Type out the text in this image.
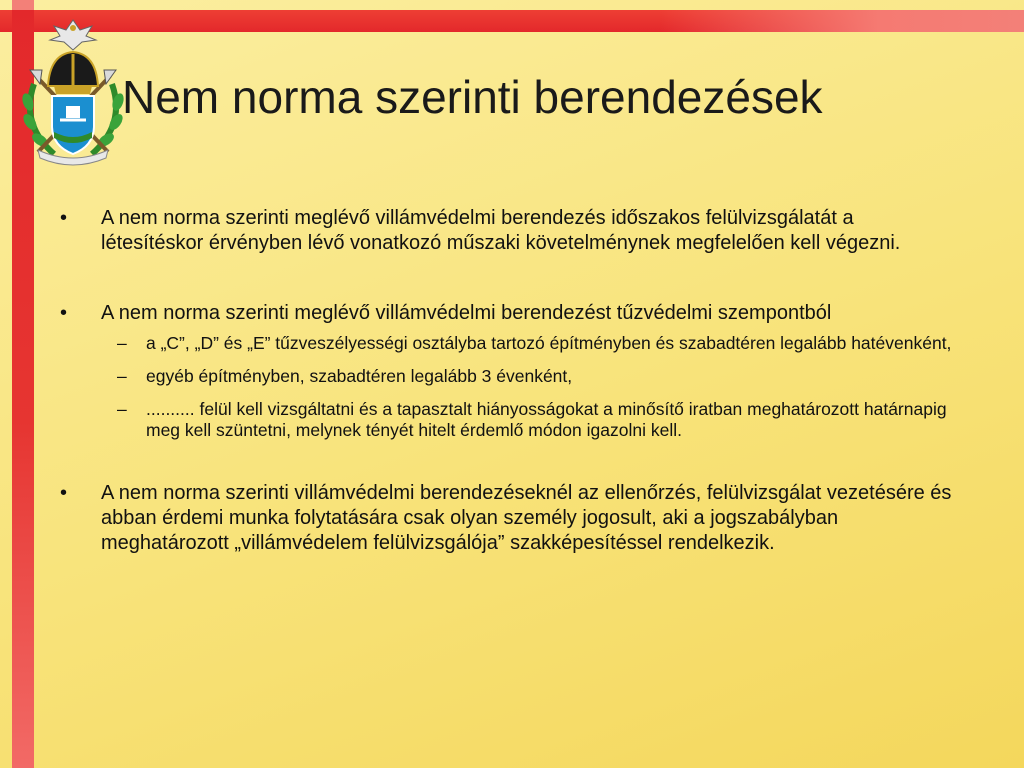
Nem norma szerinti berendezések

• A nem norma szerinti meglévő villámvédelmi berendezés időszakos felülvizsgálatát a létesítéskor érvényben lévő vonatkozó műszaki követelménynek megfelelően kell végezni.

• A nem norma szerinti meglévő villámvédelmi berendezést tűzvédelmi szempontból

– a „C”, „D” és „E” tűzveszélyességi osztályba tartozó építményben és szabadtéren legalább hatévenként,

– egyéb építményben, szabadtéren legalább 3 évenként,

– .......... felül kell vizsgáltatni és a tapasztalt hiányosságokat a minősítő iratban meghatározott határnapig meg kell szüntetni, melynek tényét hitelt érdemlő módon igazolni kell.

• A nem norma szerinti villámvédelmi berendezéseknél az ellenőrzés, felülvizsgálat vezetésére és abban érdemi munka folytatására csak olyan személy jogosult, aki a jogszabályban meghatározott „villámvédelem felülvizsgálója” szakképesítéssel rendelkezik.
